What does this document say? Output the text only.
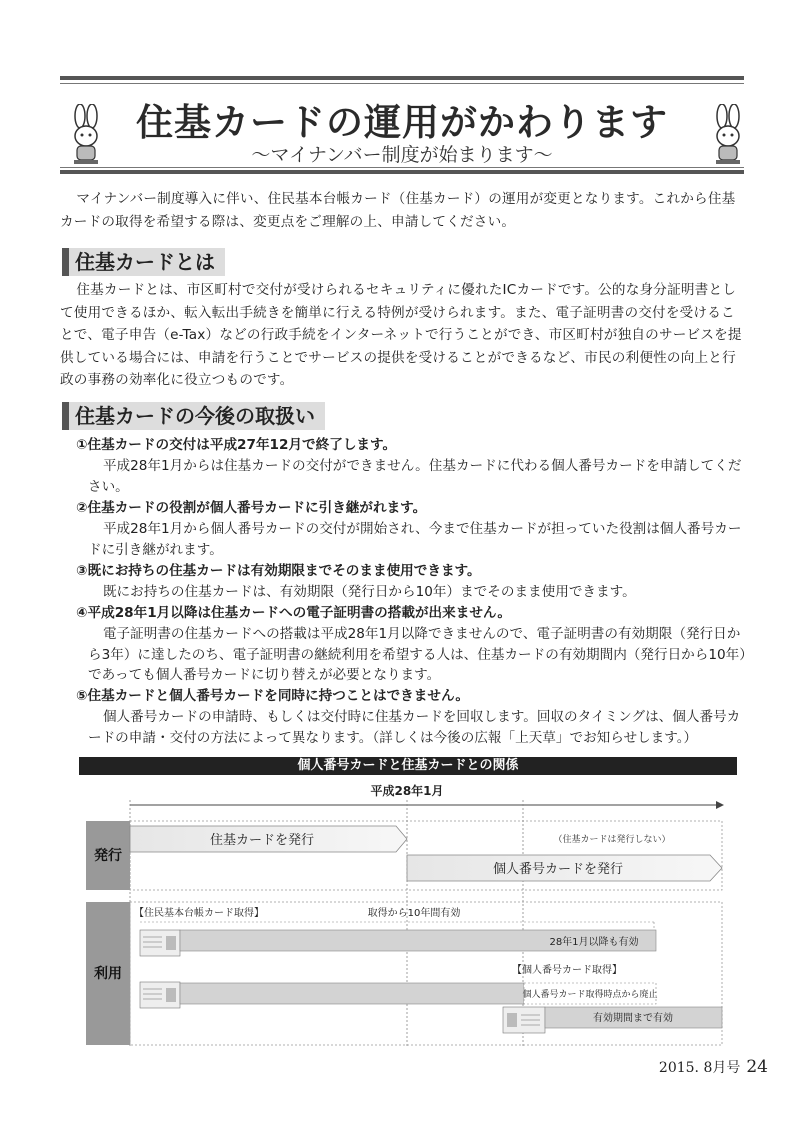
住基カードの運用がかわります
～マイナンバー制度が始まります～

マイナンバー制度導入に伴い、住民基本台帳カード（住基カード）の運用が変更となります。これから住基カードの取得を希望する際は、変更点をご理解の上、申請してください。

住基カードとは

住基カードとは、市区町村で交付が受けられるセキュリティに優れたICカードです。公的な身分証明書として使用できるほか、転入転出手続きを簡単に行える特例が受けられます。また、電子証明書の交付を受けることで、電子申告（e-Tax）などの行政手続をインターネットで行うことができ、市区町村が独自のサービスを提供している場合には、申請を行うことでサービスの提供を受けることができるなど、市民の利便性の向上と行政の事務の効率化に役立つものです。

住基カードの今後の取扱い
①住基カードの交付は平成27年12月で終了します。

平成28年1月からは住基カードの交付ができません。住基カードに代わる個人番号カードを申請してください。

②住基カードの役割が個人番号カードに引き継がれます。

平成28年1月から個人番号カードの交付が開始され、今まで住基カードが担っていた役割は個人番号カードに引き継がれます。

③既にお持ちの住基カードは有効期限までそのまま使用できます。

既にお持ちの住基カードは、有効期限（発行日から10年）までそのまま使用できます。

④平成28年1月以降は住基カードへの電子証明書の搭載が出来ません。

電子証明書の住基カードへの搭載は平成28年1月以降できませんので、電子証明書の有効期限（発行日から3年）に達したのち、電子証明書の継続利用を希望する人は、住基カードの有効期間内（発行日から10年）であっても個人番号カードに切り替えが必要となります。

⑤住基カードと個人番号カードを同時に持つことはできません。

個人番号カードの申請時、もしくは交付時に住基カードを回収します。回収のタイミングは、個人番号カードの申請・交付の方法によって異なります。（詳しくは今後の広報「上天草」でお知らせします。）

個人番号カードと住基カードとの関係
平成28年1月
発行
利用
住基カードを発行	（住基カードは発行しない）
個人番号カードを発行
【住民基本台帳カード取得】	取得から10年間有効
28年1月以降も有効
【個人番号カード取得】
個人番号カード取得時点から廃止
有効期間まで有効
2015. 8月号 24
